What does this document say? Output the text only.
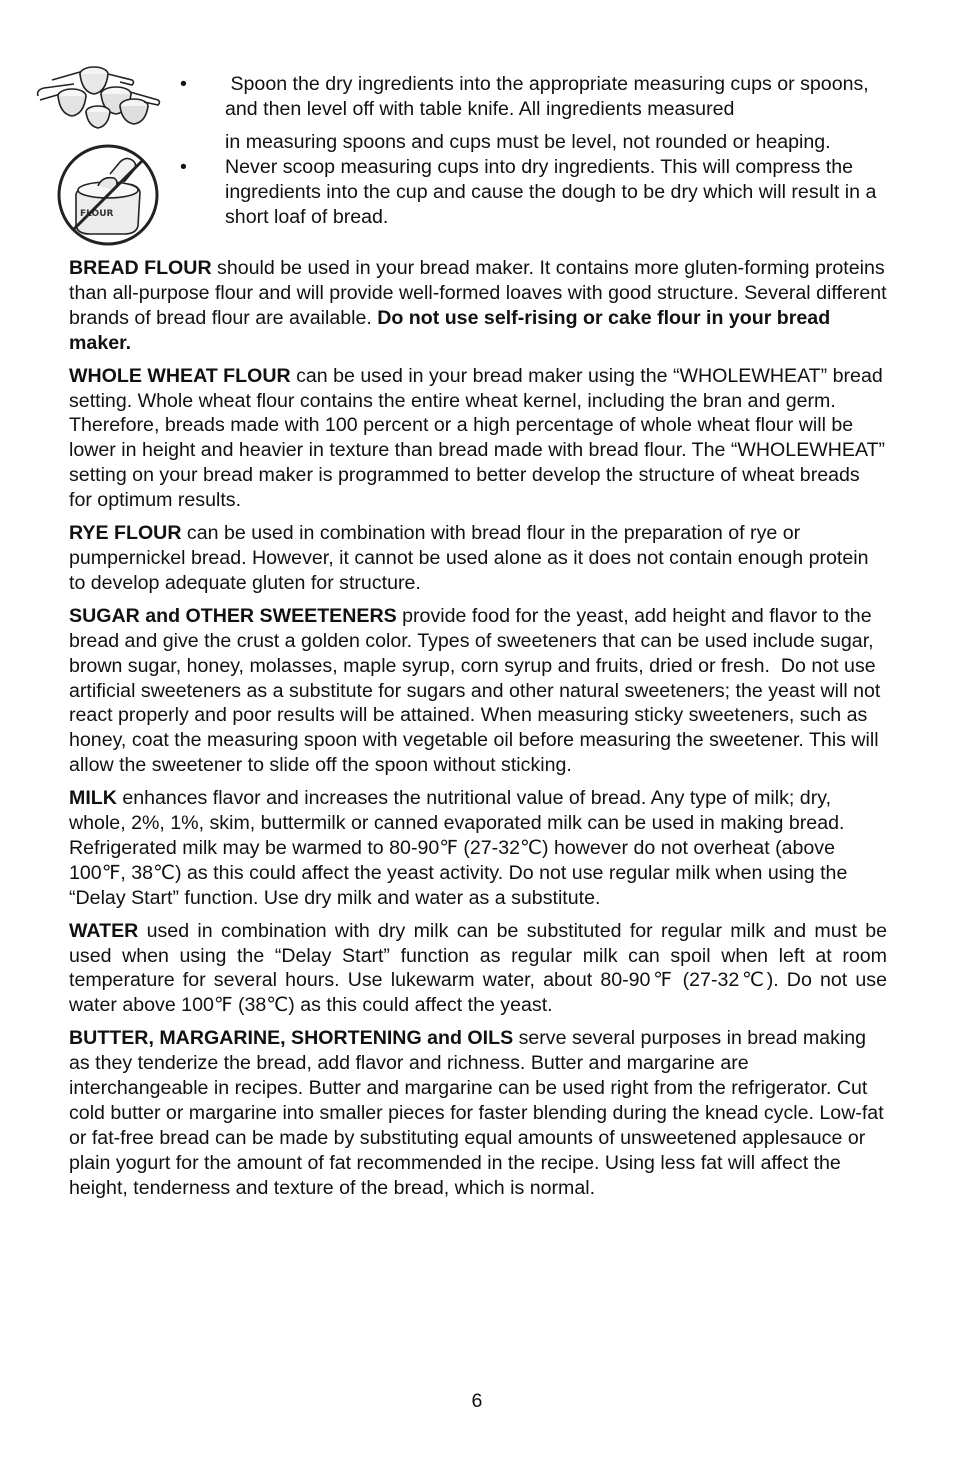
FLOUR
•	Spoon the dry ingredients into the appropriate measuring cups or spoons, and then level off with table knife. All ingredients measured

in measuring spoons and cups must be level, not rounded or heaping.

•	Never scoop measuring cups into dry ingredients. This will compress the ingredients into the cup and cause the dough to be dry which will result in a short loaf of bread.

BREAD FLOUR should be used in your bread maker. It contains more gluten-forming proteins than all-purpose flour and will provide well-formed loaves with good structure. Several different brands of bread flour are available. Do not use self-rising or cake flour in your bread maker.

WHOLE WHEAT FLOUR can be used in your bread maker using the “WHOLEWHEAT” bread setting. Whole wheat flour contains the entire wheat kernel, including the bran and germ. Therefore, breads made with 100 percent or a high percentage of whole wheat flour will be lower in height and heavier in texture than bread made with bread flour. The “WHOLEWHEAT” setting on your bread maker is programmed to better develop the structure of wheat breads for optimum results.

RYE FLOUR can be used in combination with bread flour in the preparation of rye or pumpernickel bread. However, it cannot be used alone as it does not contain enough protein to develop adequate gluten for structure.

SUGAR and OTHER SWEETENERS provide food for the yeast, add height and flavor to the bread and give the crust a golden color. Types of sweeteners that can be used include sugar, brown sugar, honey, molasses, maple syrup, corn syrup and fruits, dried or fresh.  Do not use artificial sweeteners as a substitute for sugars and other natural sweeteners; the yeast will not react properly and poor results will be attained. When measuring sticky sweeteners, such as honey, coat the measuring spoon with vegetable oil before measuring the sweetener. This will allow the sweetener to slide off the spoon without sticking.

MILK enhances flavor and increases the nutritional value of bread. Any type of milk; dry, whole, 2%, 1%, skim, buttermilk or canned evaporated milk can be used in making bread. Refrigerated milk may be warmed to 80-90℉ (27-32℃) however do not overheat (above 100℉, 38℃) as this could affect the yeast activity. Do not use regular milk when using the “Delay Start” function. Use dry milk and water as a substitute.

WATER used in combination with dry milk can be substituted for regular milk and must be used when using the “Delay Start” function as regular milk can spoil when left at room temperature for several hours. Use lukewarm water, about 80-90℉ (27-32℃). Do not use water above 100℉ (38℃) as this could affect the yeast.

BUTTER, MARGARINE, SHORTENING and OILS serve several purposes in bread making as they tenderize the bread, add flavor and richness. Butter and margarine are interchangeable in recipes. Butter and margarine can be used right from the refrigerator. Cut cold butter or margarine into smaller pieces for faster blending during the knead cycle. Low-fat or fat-free bread can be made by substituting equal amounts of unsweetened applesauce or plain yogurt for the amount of fat recommended in the recipe. Using less fat will affect the height, tenderness and texture of the bread, which is normal.

6
